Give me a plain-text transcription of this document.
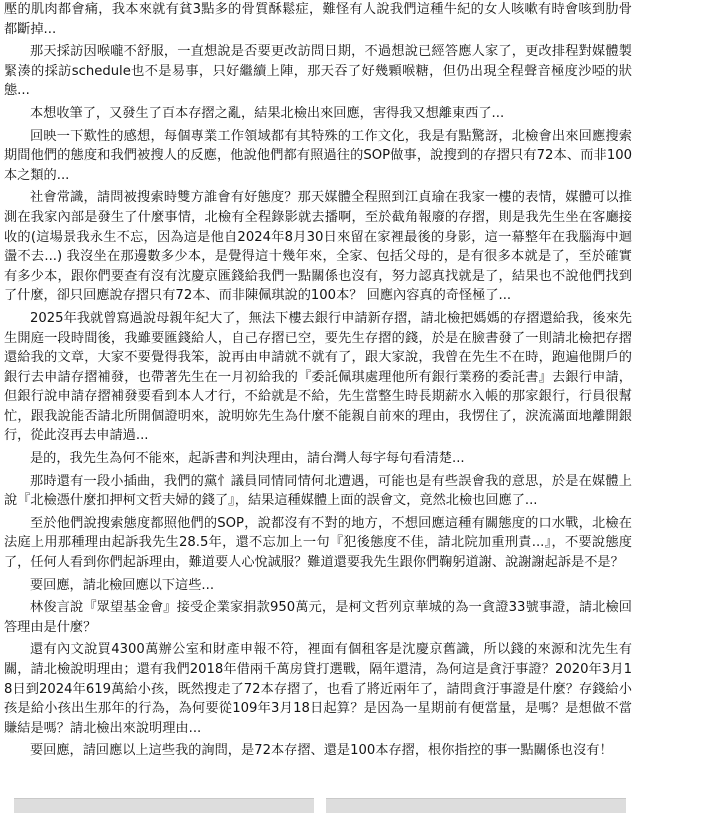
壓的肌肉都會痛，我本來就有貧3點多的骨質酥鬆症，難怪有人說我們這種牛紀的女人咳嗽有時會咳到肋骨都斷掉...

那天採訪因喉嚨不舒服，一直想說是否要更改訪問日期，不過想說已經答應人家了，更改排程對媒體製緊湊的採訪schedule也不是易事，只好繼續上陣，那天吞了好幾顆喉糖，但仍出現全程聲音極度沙啞的狀態...

本想收筆了，又發生了百本存摺之亂，結果北檢出來回應，害得我又想離東西了...

回映一下歎性的感想，每個專業工作領域都有其特殊的工作文化，我是有點驚訝，北檢會出來回應搜索期間他們的態度和我們被搜人的反應，他說他們都有照過往的SOP做事，說搜到的存摺只有72本、而非100本之類的...

社會常識，請問被搜索時雙方誰會有好態度？那天媒體全程照到江貞瑜在我家一樓的表情，媒體可以推測在我家內部是發生了什麼事情，北檢有全程錄影就去播啊，至於截角報廢的存摺，則是我先生坐在客廳接收的(這場景我永生不忘，因為這是他自2024年8月30日來留在家裡最後的身影，這一幕整年在我腦海中迴盪不去...) 我沒坐在那邊數多少本，是覺得這十幾年來，全家、包括父母的，是有很多本就是了，至於確實有多少本，跟你們要查有沒有沈慶京匯錢給我們一點關係也沒有，努力認真找就是了，結果也不說他們找到了什麼，卻只回應說存摺只有72本、而非陳佩琪說的100本？ 回應內容真的奇怪極了...

2025年我就曾寫過說母親年紀大了，無法下樓去銀行申請新存摺，請北檢把媽媽的存摺還給我，後來先生開庭一段時間後，我雖要匯錢給人，自己存摺已空，要先生存摺的錢，於是在臉書發了一則請北檢把存摺還給我的文章，大家不要覺得我笨，說再由申請就不就有了，跟大家說，我曾在先生不在時，跑遍他開戶的銀行去申請存摺補發，也帶著先生在一月初給我的『委託佩琪處理他所有銀行業務的委託書』去銀行申請，但銀行說申請存摺補發要看到本人才行，不給就是不給，先生當整生時長期薪水入帳的那家銀行，行員很幫忙，跟我說能否請北所開個證明來，說明妳先生為什麼不能親自前來的理由，我愣住了，淚流滿面地離開銀行，從此沒再去申請過...

是的，我先生為何不能來，起訴書和判決理由，請台灣人每字每句看清楚...

那時還有一段小插曲，我們的黨忄議員同情同情何北遭遇，可能也是有些誤會我的意思，於是在媒體上說『北檢憑什麼扣押柯文哲夫婦的錢了』，結果這種媒體上面的誤會文，竟然北檢也回應了...

至於他們說搜索態度都照他們的SOP，說都沒有不對的地方，不想回應這種有關態度的口水戰，北檢在法庭上用那種理由起訴我先生28.5年，還不忘加上一句『犯後態度不佳，請北院加重刑責...』，不要說態度了，任何人看到你們起訴理由，難道要人心悅誠服？難道還要我先生跟你們鞠躬道謝、說謝謝起訴是不是？

要回應，請北檢回應以下這些...

林俊言說『眾望基金會』接受企業家捐款950萬元，是柯文哲列京華城的為一貪證33號事證，請北檢回答理由是什麼？

還有內文說買4300萬辦公室和財產申報不符，裡面有個租客是沈慶京舊識，所以錢的來源和沈先生有關，請北檢說明理由；還有我們2018年借兩千萬房貸打選戰，隔年還清，為何這是貪汙事證？2020年3月18日到2024年619萬給小孩，既然搜走了72本存摺了，也看了將近兩年了，請問貪汙事證是什麼？存錢給小孩是給小孩出生那年的行為，為何要從109年3月18日起算？是因為一星期前有便當量，是嗎？是想做不當賺結是嗎？請北檢出來說明理由...

要回應，請回應以上這些我的詢問，是72本存摺、還是100本存摺，根你指控的事一點關係也沒有！
